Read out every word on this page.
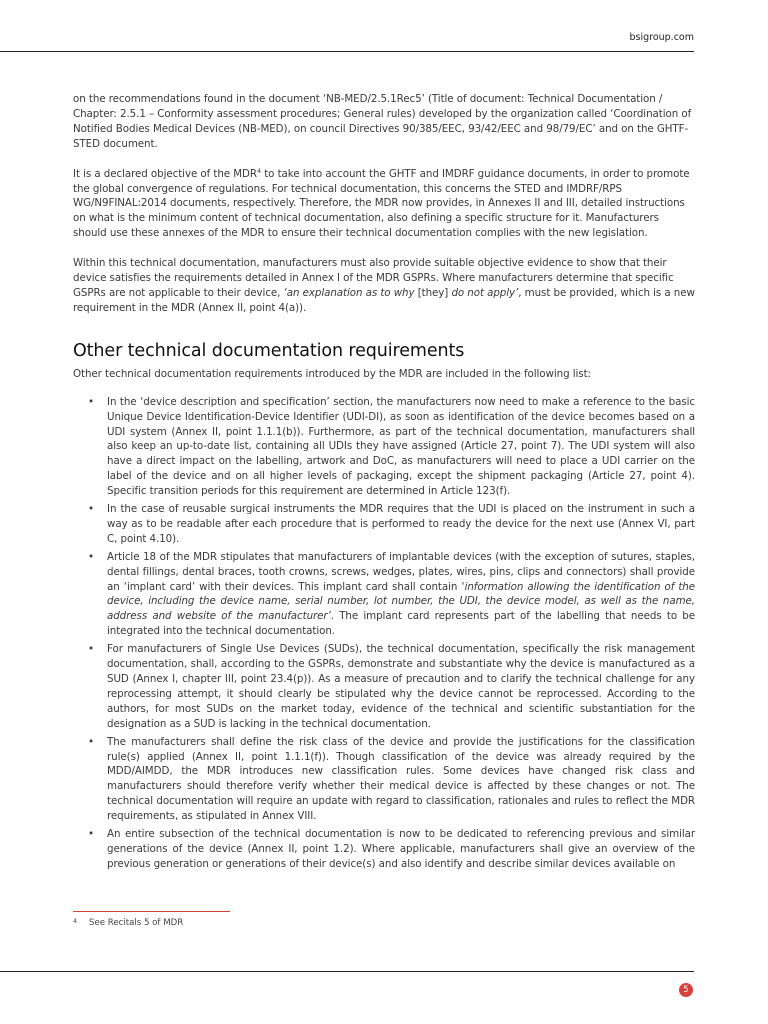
bsigroup.com

on the recommendations found in the document ‘NB-MED/2.5.1Rec5’ (Title of document: Technical Documentation / Chapter: 2.5.1 – Conformity assessment procedures; General rules) developed by the organization called ‘Coordination of Notified Bodies Medical Devices (NB-MED), on council Directives 90/385/EEC, 93/42/EEC and 98/79/EC’ and on the GHTF-STED document.

It is a declared objective of the MDR$^4$ to take into account the GHTF and IMDRF guidance documents, in order to promote the global convergence of regulations. For technical documentation, this concerns the STED and IMDRF/RPS WG/N9FINAL:2014 documents, respectively. Therefore, the MDR now provides, in Annexes II and III, detailed instructions on what is the minimum content of technical documentation, also defining a specific structure for it. Manufacturers should use these annexes of the MDR to ensure their technical documentation complies with the new legislation.

Within this technical documentation, manufacturers must also provide suitable objective evidence to show that their device satisfies the requirements detailed in Annex I of the MDR GSPRs. Where manufacturers determine that specific GSPRs are not applicable to their device, ‘an explanation as to why [they] do not apply’, must be provided, which is a new requirement in the MDR (Annex II, point 4(a)).

Other technical documentation requirements

Other technical documentation requirements introduced by the MDR are included in the following list:

• In the ‘device description and specification’ section, the manufacturers now need to make a reference to the basic Unique Device Identification-Device Identifier (UDI-DI), as soon as identification of the device becomes based on a UDI system (Annex II, point 1.1.1(b)). Furthermore, as part of the technical documentation, manufacturers shall also keep an up-to-date list, containing all UDIs they have assigned (Article 27, point 7). The UDI system will also have a direct impact on the labelling, artwork and DoC, as manufacturers will need to place a UDI carrier on the label of the device and on all higher levels of packaging, except the shipment packaging (Article 27, point 4). Specific transition periods for this requirement are determined in Article 123(f).
• In the case of reusable surgical instruments the MDR requires that the UDI is placed on the instrument in such a way as to be readable after each procedure that is performed to ready the device for the next use (Annex VI, part C, point 4.10).
• Article 18 of the MDR stipulates that manufacturers of implantable devices (with the exception of sutures, staples, dental fillings, dental braces, tooth crowns, screws, wedges, plates, wires, pins, clips and connectors) shall provide an ‘implant card’ with their devices. This implant card shall contain ‘information allowing the identification of the device, including the device name, serial number, lot number, the UDI, the device model, as well as the name, address and website of the manufacturer’. The implant card represents part of the labelling that needs to be integrated into the technical documentation.
• For manufacturers of Single Use Devices (SUDs), the technical documentation, specifically the risk management documentation, shall, according to the GSPRs, demonstrate and substantiate why the device is manufactured as a SUD (Annex I, chapter III, point 23.4(p)). As a measure of precaution and to clarify the technical challenge for any reprocessing attempt, it should clearly be stipulated why the device cannot be reprocessed. According to the authors, for most SUDs on the market today, evidence of the technical and scientific substantiation for the designation as a SUD is lacking in the technical documentation.
• The manufacturers shall define the risk class of the device and provide the justifications for the classification rule(s) applied (Annex II, point 1.1.1(f)). Though classification of the device was already required by the MDD/AIMDD, the MDR introduces new classification rules. Some devices have changed risk class and manufacturers should therefore verify whether their medical device is affected by these changes or not. The technical documentation will require an update with regard to classification, rationales and rules to reflect the MDR requirements, as stipulated in Annex VIII.
• An entire subsection of the technical documentation is now to be dedicated to referencing previous and similar generations of the device (Annex II, point 1.2). Where applicable, manufacturers shall give an overview of the previous generation or generations of their device(s) and also identify and describe similar devices available on
4 See Recitals 5 of MDR
5
